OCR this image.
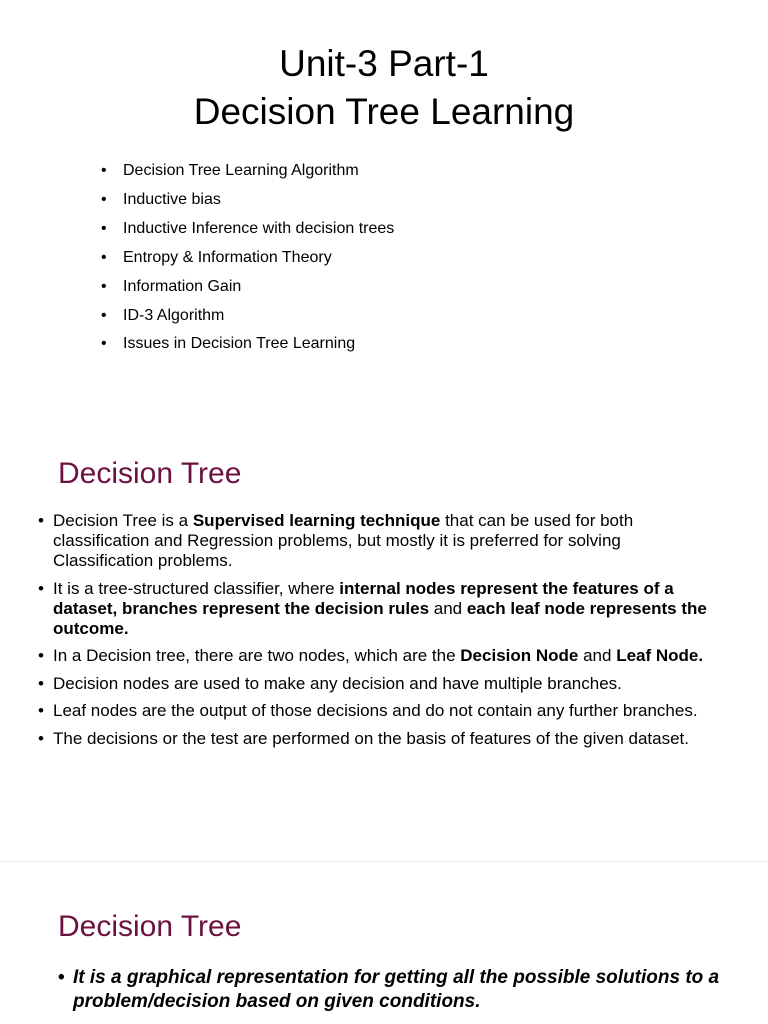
Unit-3 Part-1
Decision Tree Learning
• Decision Tree Learning Algorithm
• Inductive bias
• Inductive Inference with decision trees
• Entropy & Information Theory
• Information Gain
• ID-3 Algorithm
• Issues in Decision Tree Learning
Decision Tree
• Decision Tree is a Supervised learning technique that can be used for both classification and Regression problems, but mostly it is preferred for solving Classification problems.
• It is a tree-structured classifier, where internal nodes represent the features of a dataset, branches represent the decision rules and each leaf node represents the outcome.
• In a Decision tree, there are two nodes, which are the Decision Node and Leaf Node.
• Decision nodes are used to make any decision and have multiple branches.
• Leaf nodes are the output of those decisions and do not contain any further branches.
• The decisions or the test are performed on the basis of features of the given dataset.
Decision Tree
• It is a graphical representation for getting all the possible solutions to a problem/decision based on given conditions.
